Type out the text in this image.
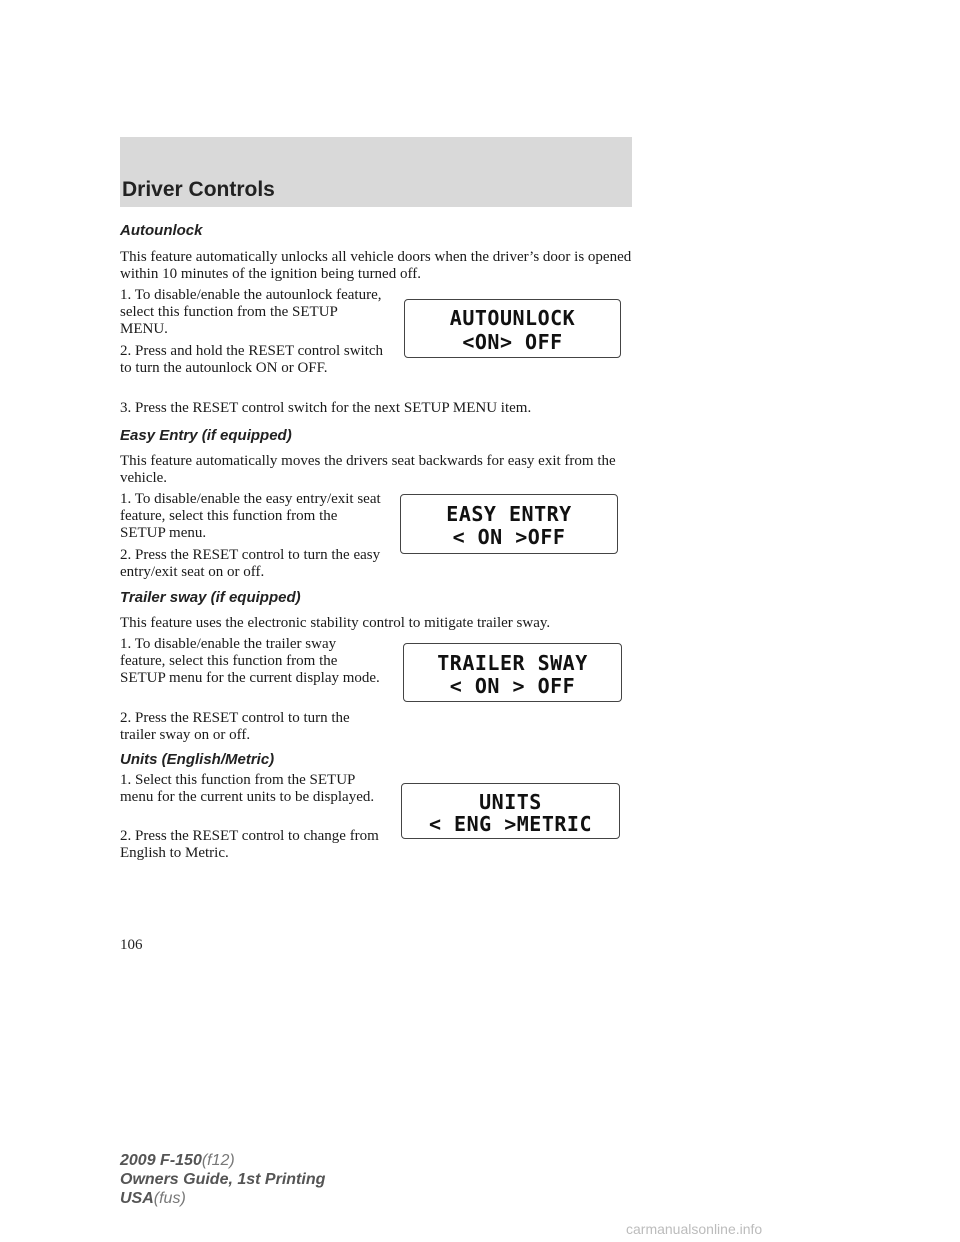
Driver Controls
Autounlock

This feature automatically unlocks all vehicle doors when the driver’s door is opened within 10 minutes of the ignition being turned off.

1. To disable/enable the autounlock feature, select this function from the SETUP MENU.

2. Press and hold the RESET control switch to turn the autounlock ON or OFF.

3. Press the RESET control switch for the next SETUP MENU item.

AUTOUNLOCK
<ON> OFF
Easy Entry (if equipped)

This feature automatically moves the drivers seat backwards for easy exit from the vehicle.

1. To disable/enable the easy entry/exit seat feature, select this function from the SETUP menu.

2. Press the RESET control to turn the easy entry/exit seat on or off.

EASY ENTRY
< ON >OFF
Trailer sway (if equipped)

This feature uses the electronic stability control to mitigate trailer sway.

1. To disable/enable the trailer sway feature, select this function from the SETUP menu for the current display mode.

2. Press the RESET control to turn the trailer sway on or off.

TRAILER SWAY
< ON > OFF
Units (English/Metric)

1. Select this function from the SETUP menu for the current units to be displayed.

2. Press the RESET control to change from English to Metric.

UNITS
< ENG >METRIC
106
2009 F-150(f12)
Owners Guide, 1st Printing
USA(fus)
carmanualsonline.info
